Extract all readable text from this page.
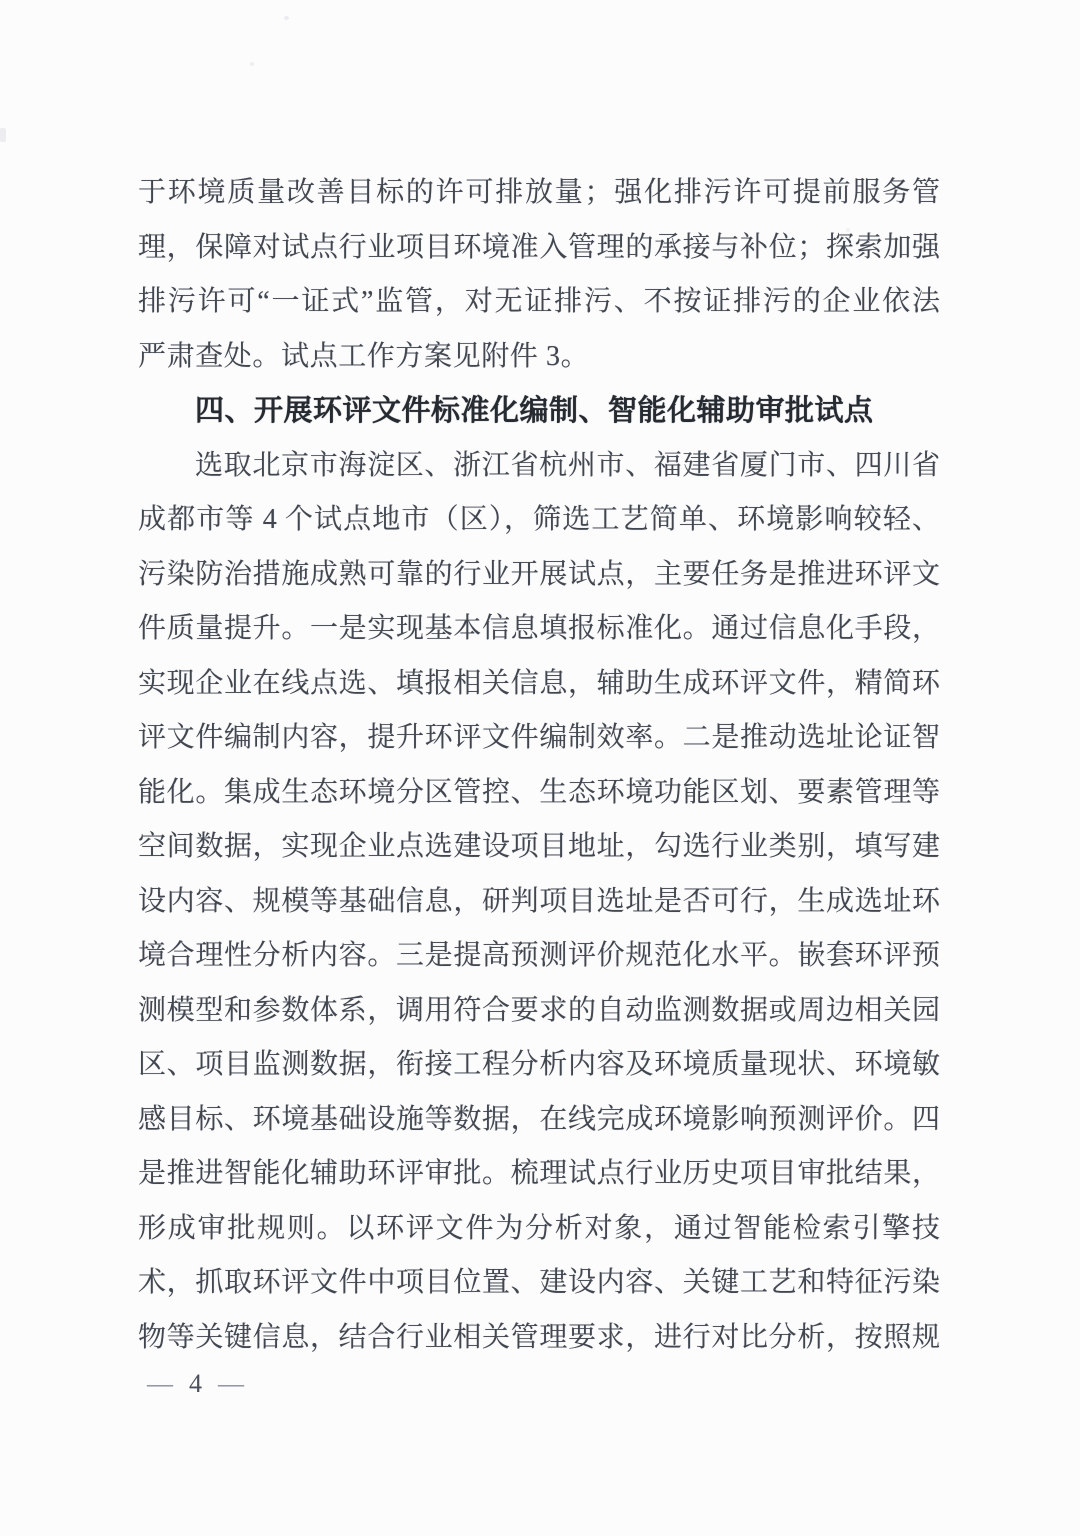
于环境质量改善目标的许可排放量；强化排污许可提前服务管
理，保障对试点行业项目环境准入管理的承接与补位；探索加强
排污许可“一证式”监管，对无证排污、不按证排污的企业依法
严肃查处。试点工作方案见附件 3。
四、开展环评文件标准化编制、智能化辅助审批试点
选取北京市海淀区、浙江省杭州市、福建省厦门市、四川省
成都市等 4 个试点地市（区），筛选工艺简单、环境影响较轻、
污染防治措施成熟可靠的行业开展试点，主要任务是推进环评文
件质量提升。一是实现基本信息填报标准化。通过信息化手段，
实现企业在线点选、填报相关信息，辅助生成环评文件，精简环
评文件编制内容，提升环评文件编制效率。二是推动选址论证智
能化。集成生态环境分区管控、生态环境功能区划、要素管理等
空间数据，实现企业点选建设项目地址，勾选行业类别，填写建
设内容、规模等基础信息，研判项目选址是否可行，生成选址环
境合理性分析内容。三是提高预测评价规范化水平。嵌套环评预
测模型和参数体系，调用符合要求的自动监测数据或周边相关园
区、项目监测数据，衔接工程分析内容及环境质量现状、环境敏
感目标、环境基础设施等数据，在线完成环境影响预测评价。四
是推进智能化辅助环评审批。梳理试点行业历史项目审批结果，
形成审批规则。以环评文件为分析对象，通过智能检索引擎技
术，抓取环评文件中项目位置、建设内容、关键工艺和特征污染
物等关键信息，结合行业相关管理要求，进行对比分析，按照规
— 4 —
